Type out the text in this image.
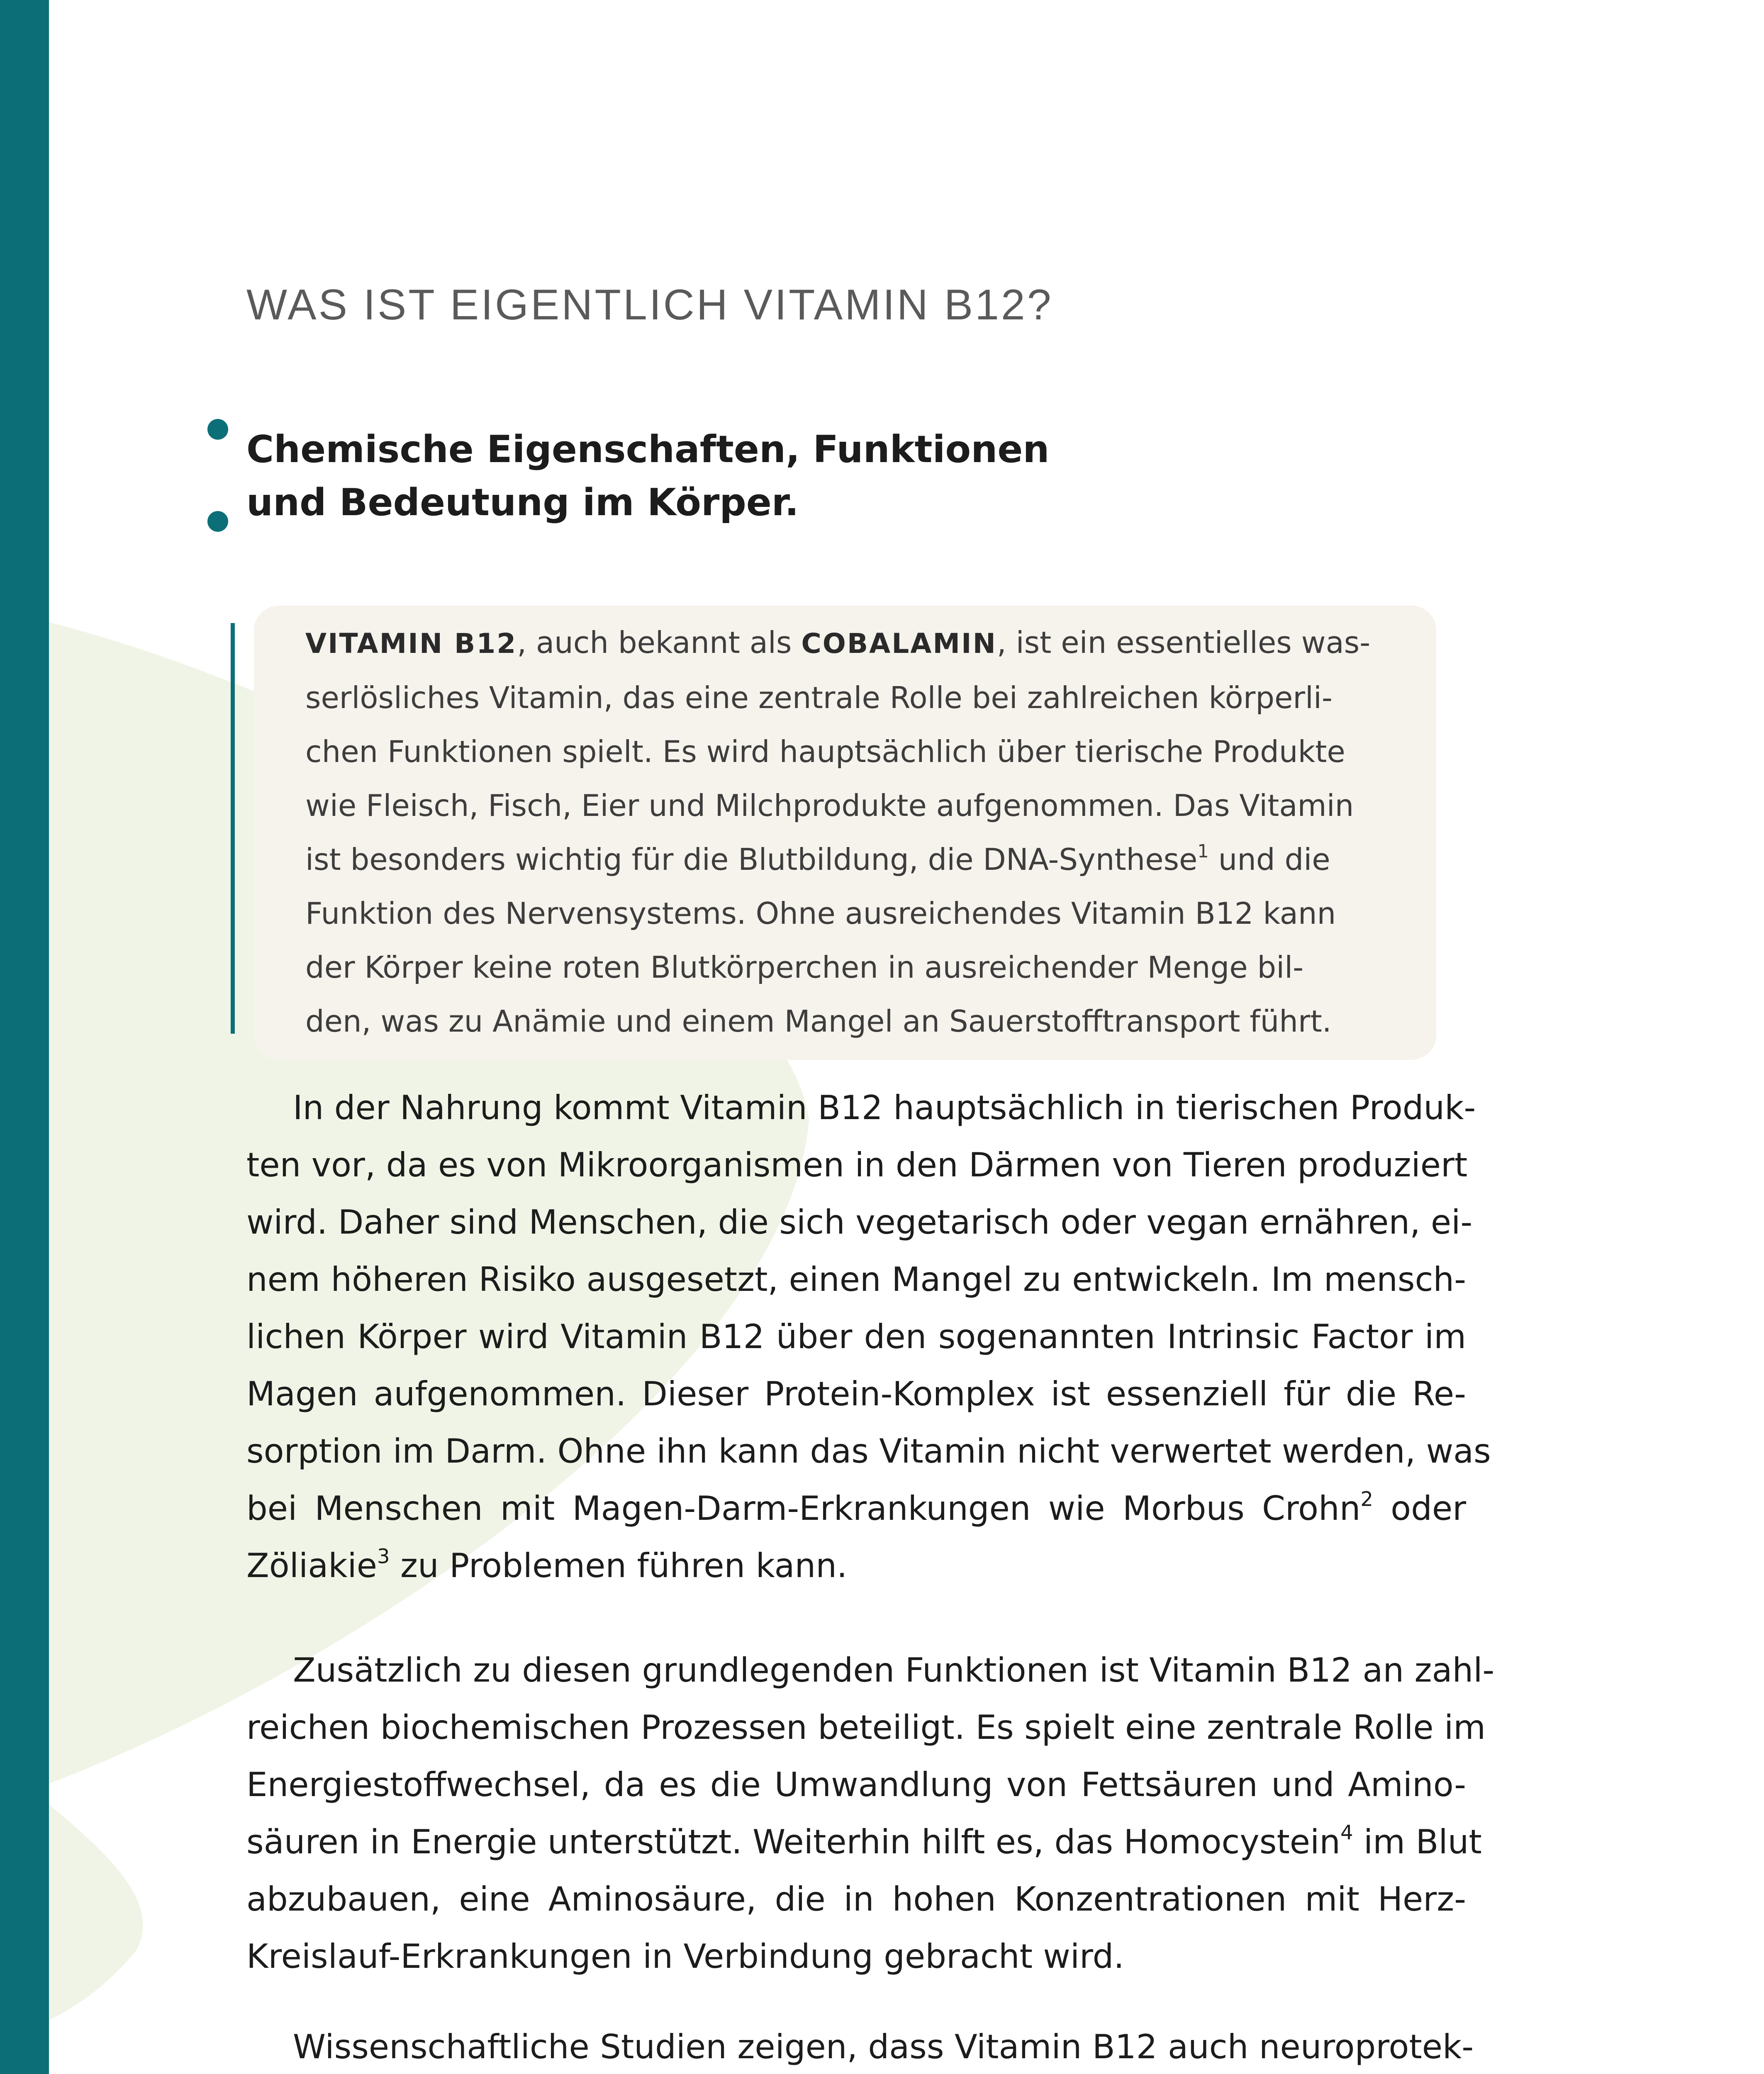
WAS IST EIGENTLICH VITAMIN B12?
Chemische Eigenschaften, Funktionen
und Bedeutung im Körper.
VITAMIN B12, auch bekannt als COBALAMIN, ist ein essentielles was-
serlösliches Vitamin, das eine zentrale Rolle bei zahlreichen körperli-
chen Funktionen spielt. Es wird hauptsächlich über tierische Produkte
wie Fleisch, Fisch, Eier und Milchprodukte aufgenommen. Das Vitamin
ist besonders wichtig für die Blutbildung, die DNA-Synthese$^1$ und die
Funktion des Nervensystems. Ohne ausreichendes Vitamin B12 kann
der Körper keine roten Blutkörperchen in ausreichender Menge bil-
den, was zu Anämie und einem Mangel an Sauerstofftransport führt.
In der Nahrung kommt Vitamin B12 hauptsächlich in tierischen Produk-
ten vor, da es von Mikroorganismen in den Därmen von Tieren produziert
wird. Daher sind Menschen, die sich vegetarisch oder vegan ernähren, ei-
nem höheren Risiko ausgesetzt, einen Mangel zu entwickeln. Im mensch-
lichen Körper wird Vitamin B12 über den sogenannten Intrinsic Factor im
Magen aufgenommen. Dieser Protein-Komplex ist essenziell für die Re-
sorption im Darm. Ohne ihn kann das Vitamin nicht verwertet werden, was
bei Menschen mit Magen-Darm-Erkrankungen wie Morbus Crohn$^2$ oder
Zöliakie$^3$ zu Problemen führen kann.
Zusätzlich zu diesen grundlegenden Funktionen ist Vitamin B12 an zahl-
reichen biochemischen Prozessen beteiligt. Es spielt eine zentrale Rolle im
Energiestoffwechsel, da es die Umwandlung von Fettsäuren und Amino-
säuren in Energie unterstützt. Weiterhin hilft es, das Homocystein$^4$ im Blut
abzubauen, eine Aminosäure, die in hohen Konzentrationen mit Herz-
Kreislauf-Erkrankungen in Verbindung gebracht wird.
Wissenschaftliche Studien zeigen, dass Vitamin B12 auch neuroprotek-
